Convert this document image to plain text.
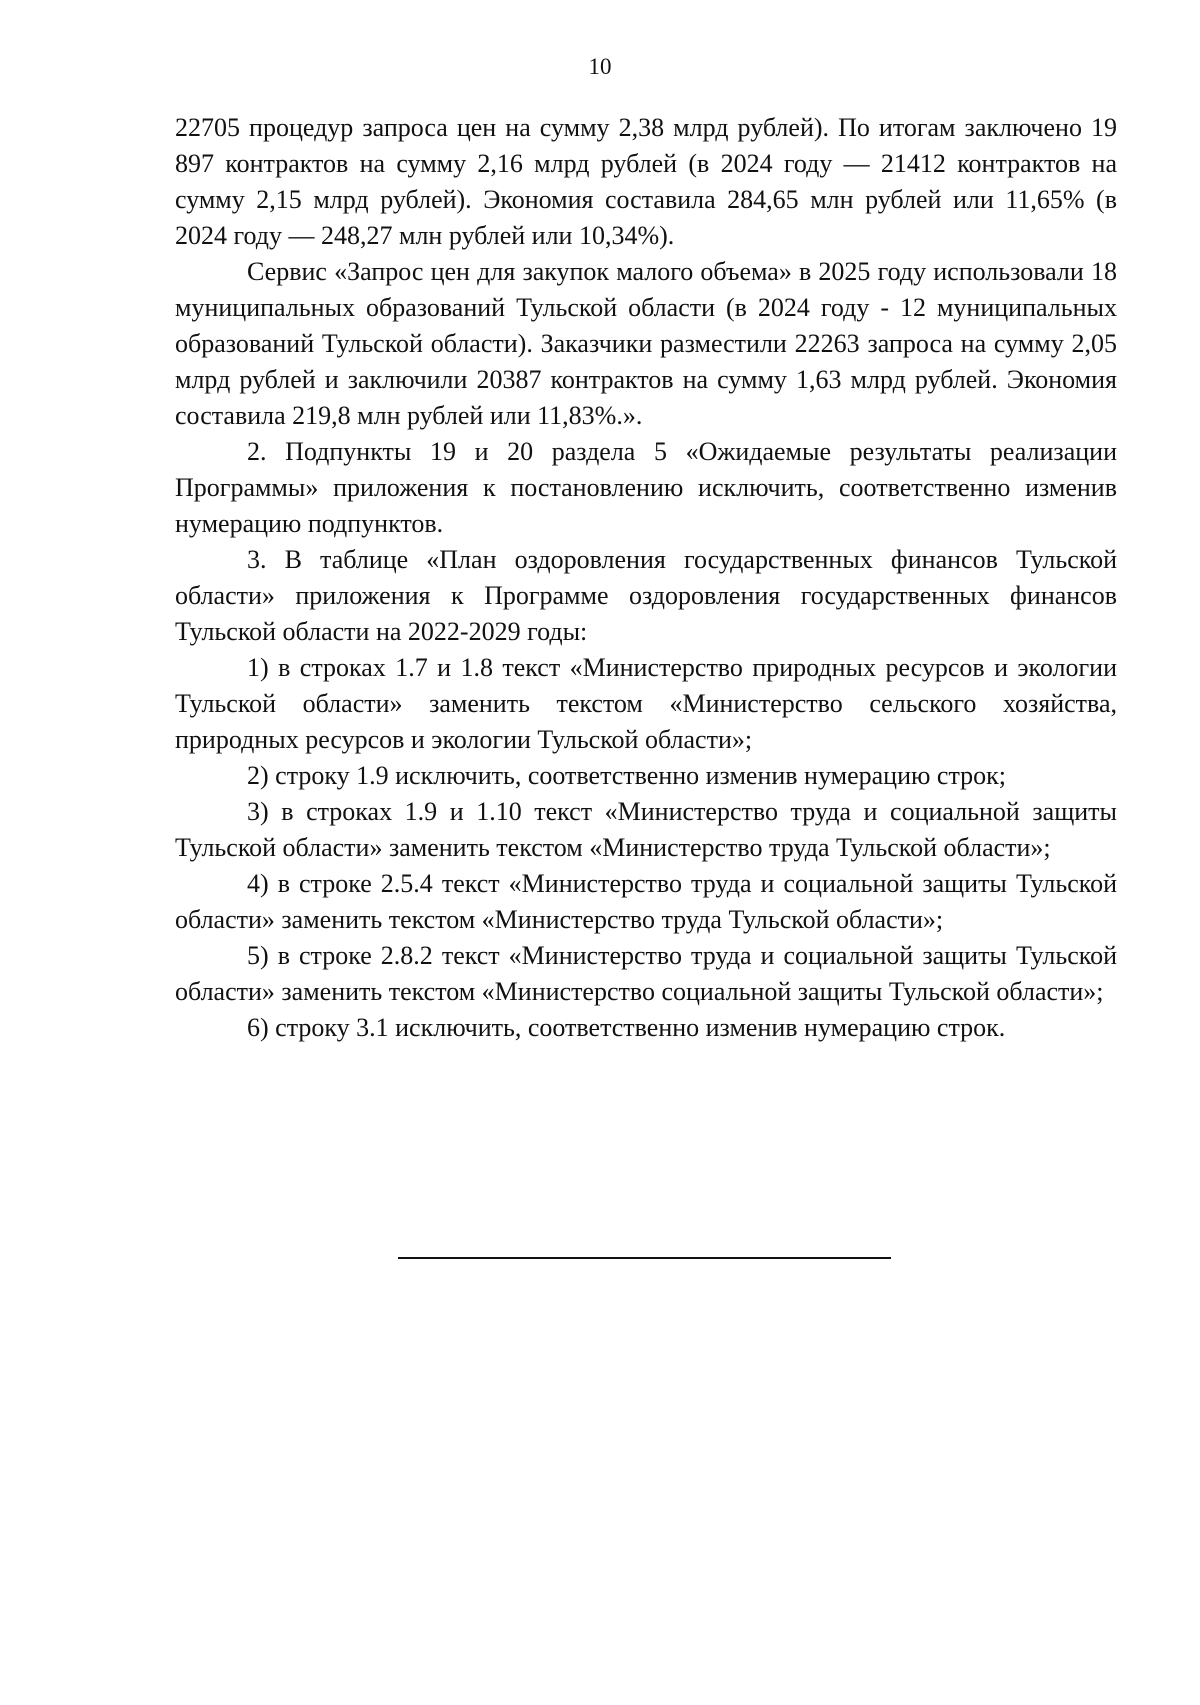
10

22705 процедур запроса цен на сумму 2,38 млрд рублей). По итогам заключено 19 897 контрактов на сумму 2,16 млрд рублей (в 2024 году — 21412 контрактов на сумму 2,15 млрд рублей). Экономия составила 284,65 млн рублей или 11,65% (в 2024 году — 248,27 млн рублей или 10,34%).

Сервис «Запрос цен для закупок малого объема» в 2025 году использовали 18 муниципальных образований Тульской области (в 2024 году - 12 муниципальных образований Тульской области). Заказчики разместили 22263 запроса на сумму 2,05 млрд рублей и заключили 20387 контрактов на сумму 1,63 млрд рублей. Экономия составила 219,8 млн рублей или 11,83%.».

2. Подпункты 19 и 20 раздела 5 «Ожидаемые результаты реализации Программы» приложения к постановлению исключить, соответственно изменив нумерацию подпунктов.

3. В таблице «План оздоровления государственных финансов Тульской области» приложения к Программе оздоровления государственных финансов Тульской области на 2022-2029 годы:

1) в строках 1.7 и 1.8 текст «Министерство природных ресурсов и экологии Тульской области» заменить текстом «Министерство сельского хозяйства, природных ресурсов и экологии Тульской области»;

2) строку 1.9 исключить, соответственно изменив нумерацию строк;

3) в строках 1.9 и 1.10 текст «Министерство труда и социальной защиты Тульской области» заменить текстом «Министерство труда Тульской области»;

4) в строке 2.5.4 текст «Министерство труда и социальной защиты Тульской области» заменить текстом «Министерство труда Тульской области»;

5) в строке 2.8.2 текст «Министерство труда и социальной защиты Тульской области» заменить текстом «Министерство социальной защиты Тульской области»;

6) строку 3.1 исключить, соответственно изменив нумерацию строк.
